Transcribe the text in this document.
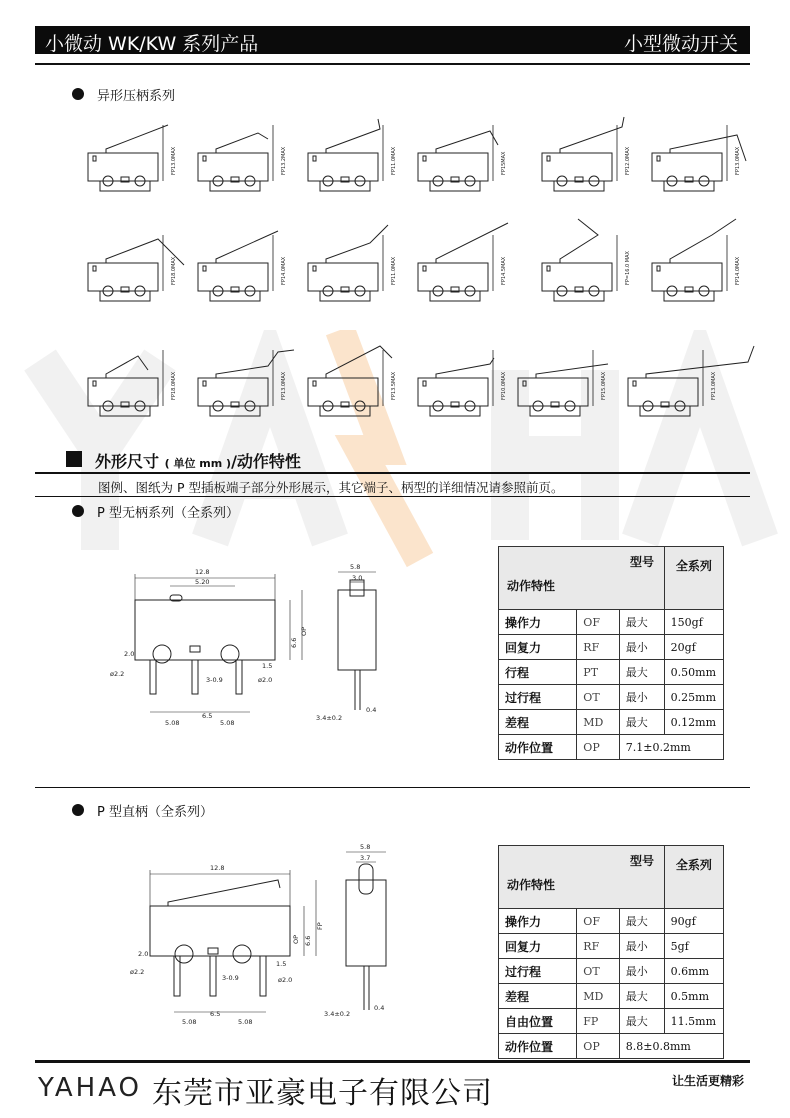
小微动 WK/KW 系列产品	小型微动开关
异形压柄系列
FP13.0MAX	FP13.2MAX	FP11.0MAX	FP15MAX	FP12.0MAX	FP13.0MAX
FP18.0MAX	FP14.0MAX	FP11.0MAX	FP14.5MAX	FP=16.0 MAX	FP14.0MAX
FP18.0MAX	FP13.0MAX	FP13.5MAX	FP10.0MAX	FP15.0MAX	FP13.0MAX
外形尺寸 ( 单位 mm )/动作特性
图例、图纸为 P 型插板端子部分外形展示，其它端子、柄型的详细情况请参照前页。
P 型无柄系列（全系列）
12.8
5.20
5.08
6.5
5.08
3-0.9
ø2.2
ø2.0
2.0
1.5
6.6
OP
5.8
3.0
3.4±0.2
0.4
型号
动作特性			全系列
操作力	OF	最大	150gf
回复力	RF	最小	20gf
行程	PT	最大	0.50mm
过行程	OT	最小	0.25mm
差程	MD	最大	0.12mm
动作位置	OP	7.1±0.2mm	
P 型直柄（全系列）
12.8
5.08
6.5
5.08
3-0.9
ø2.2
ø2.0
2.0
1.5
6.6
OP
FP
5.8
3.7
3.4±0.2
0.4
型号
动作特性			全系列
操作力	OF	最大	90gf
回复力	RF	最小	5gf
过行程	OT	最小	0.6mm
差程	MD	最大	0.5mm
自由位置	FP	最大	11.5mm
动作位置	OP	8.8±0.8mm	
YAHAO 东莞市亚豪电子有限公司	让生活更精彩
